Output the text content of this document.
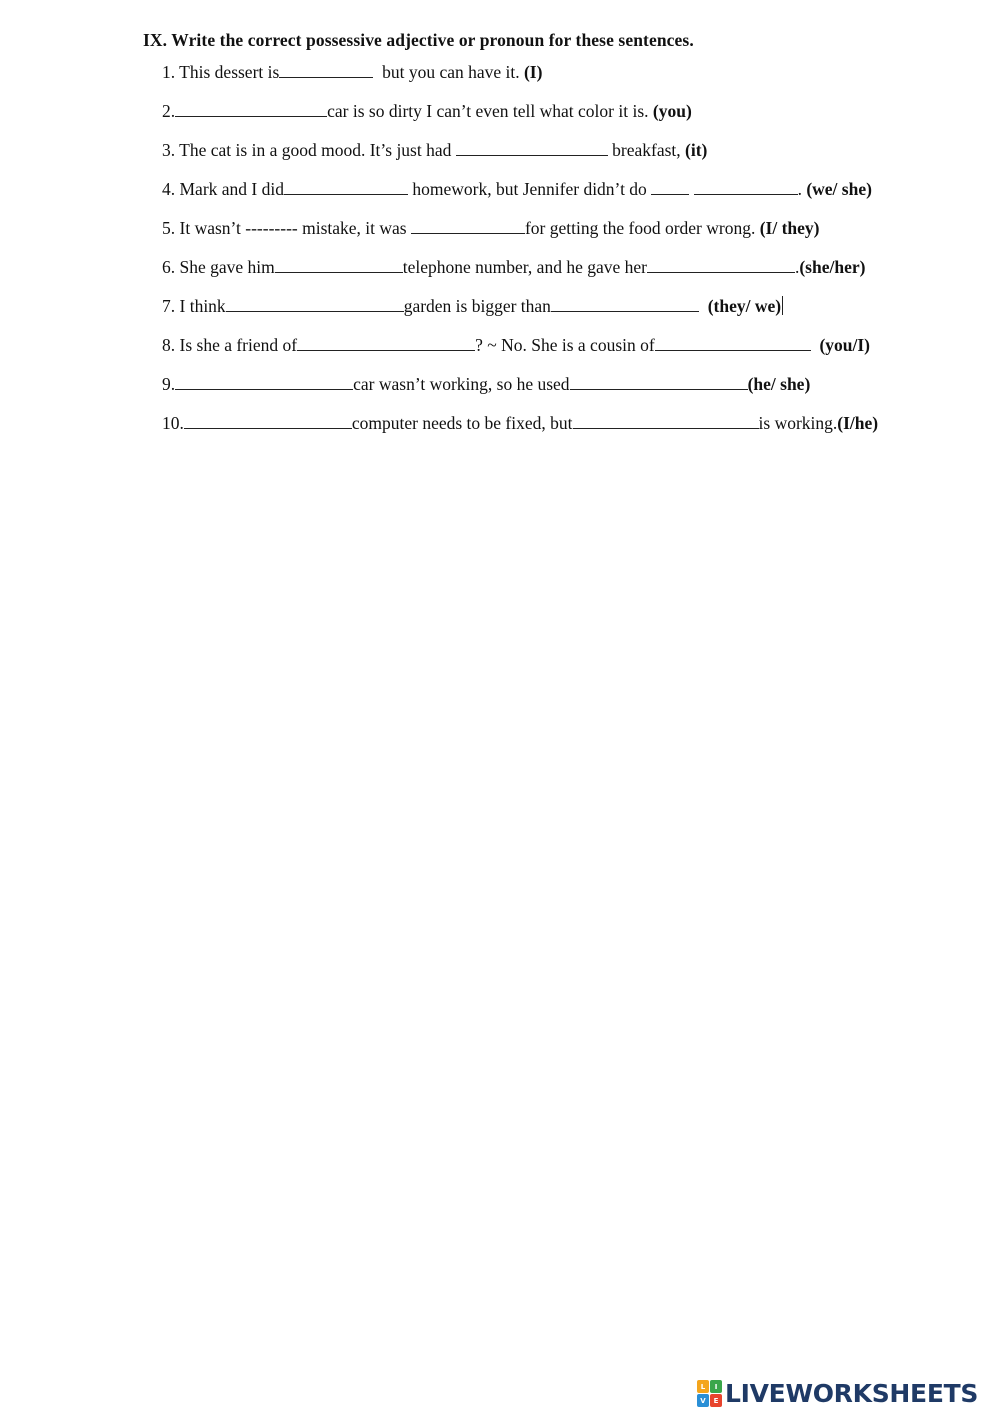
IX. Write the correct possessive adjective or pronoun for these sentences.
1. This dessert is	but you can have it. (I)
2.	car is so dirty I can’t even tell what color it is. (you)
3. The cat is in a good mood. It’s just had	breakfast, (it)
4. Mark and I did	homework, but Jennifer didn’t do	. (we/ she)
5. It wasn’t --------- mistake, it was	for getting the food order wrong. (I/ they)
6. She gave him	telephone number, and he gave her	.(she/her)
7. I think	garden is bigger than	(they/ we)
8. Is she a friend of	? ~ No. She is a cousin of	(you/I)
9.	car wasn’t working, so he used	(he/ she)
10.	computer needs to be fixed, but	is working.(I/he)
L	I
V	E LIVEWORKSHEETS
